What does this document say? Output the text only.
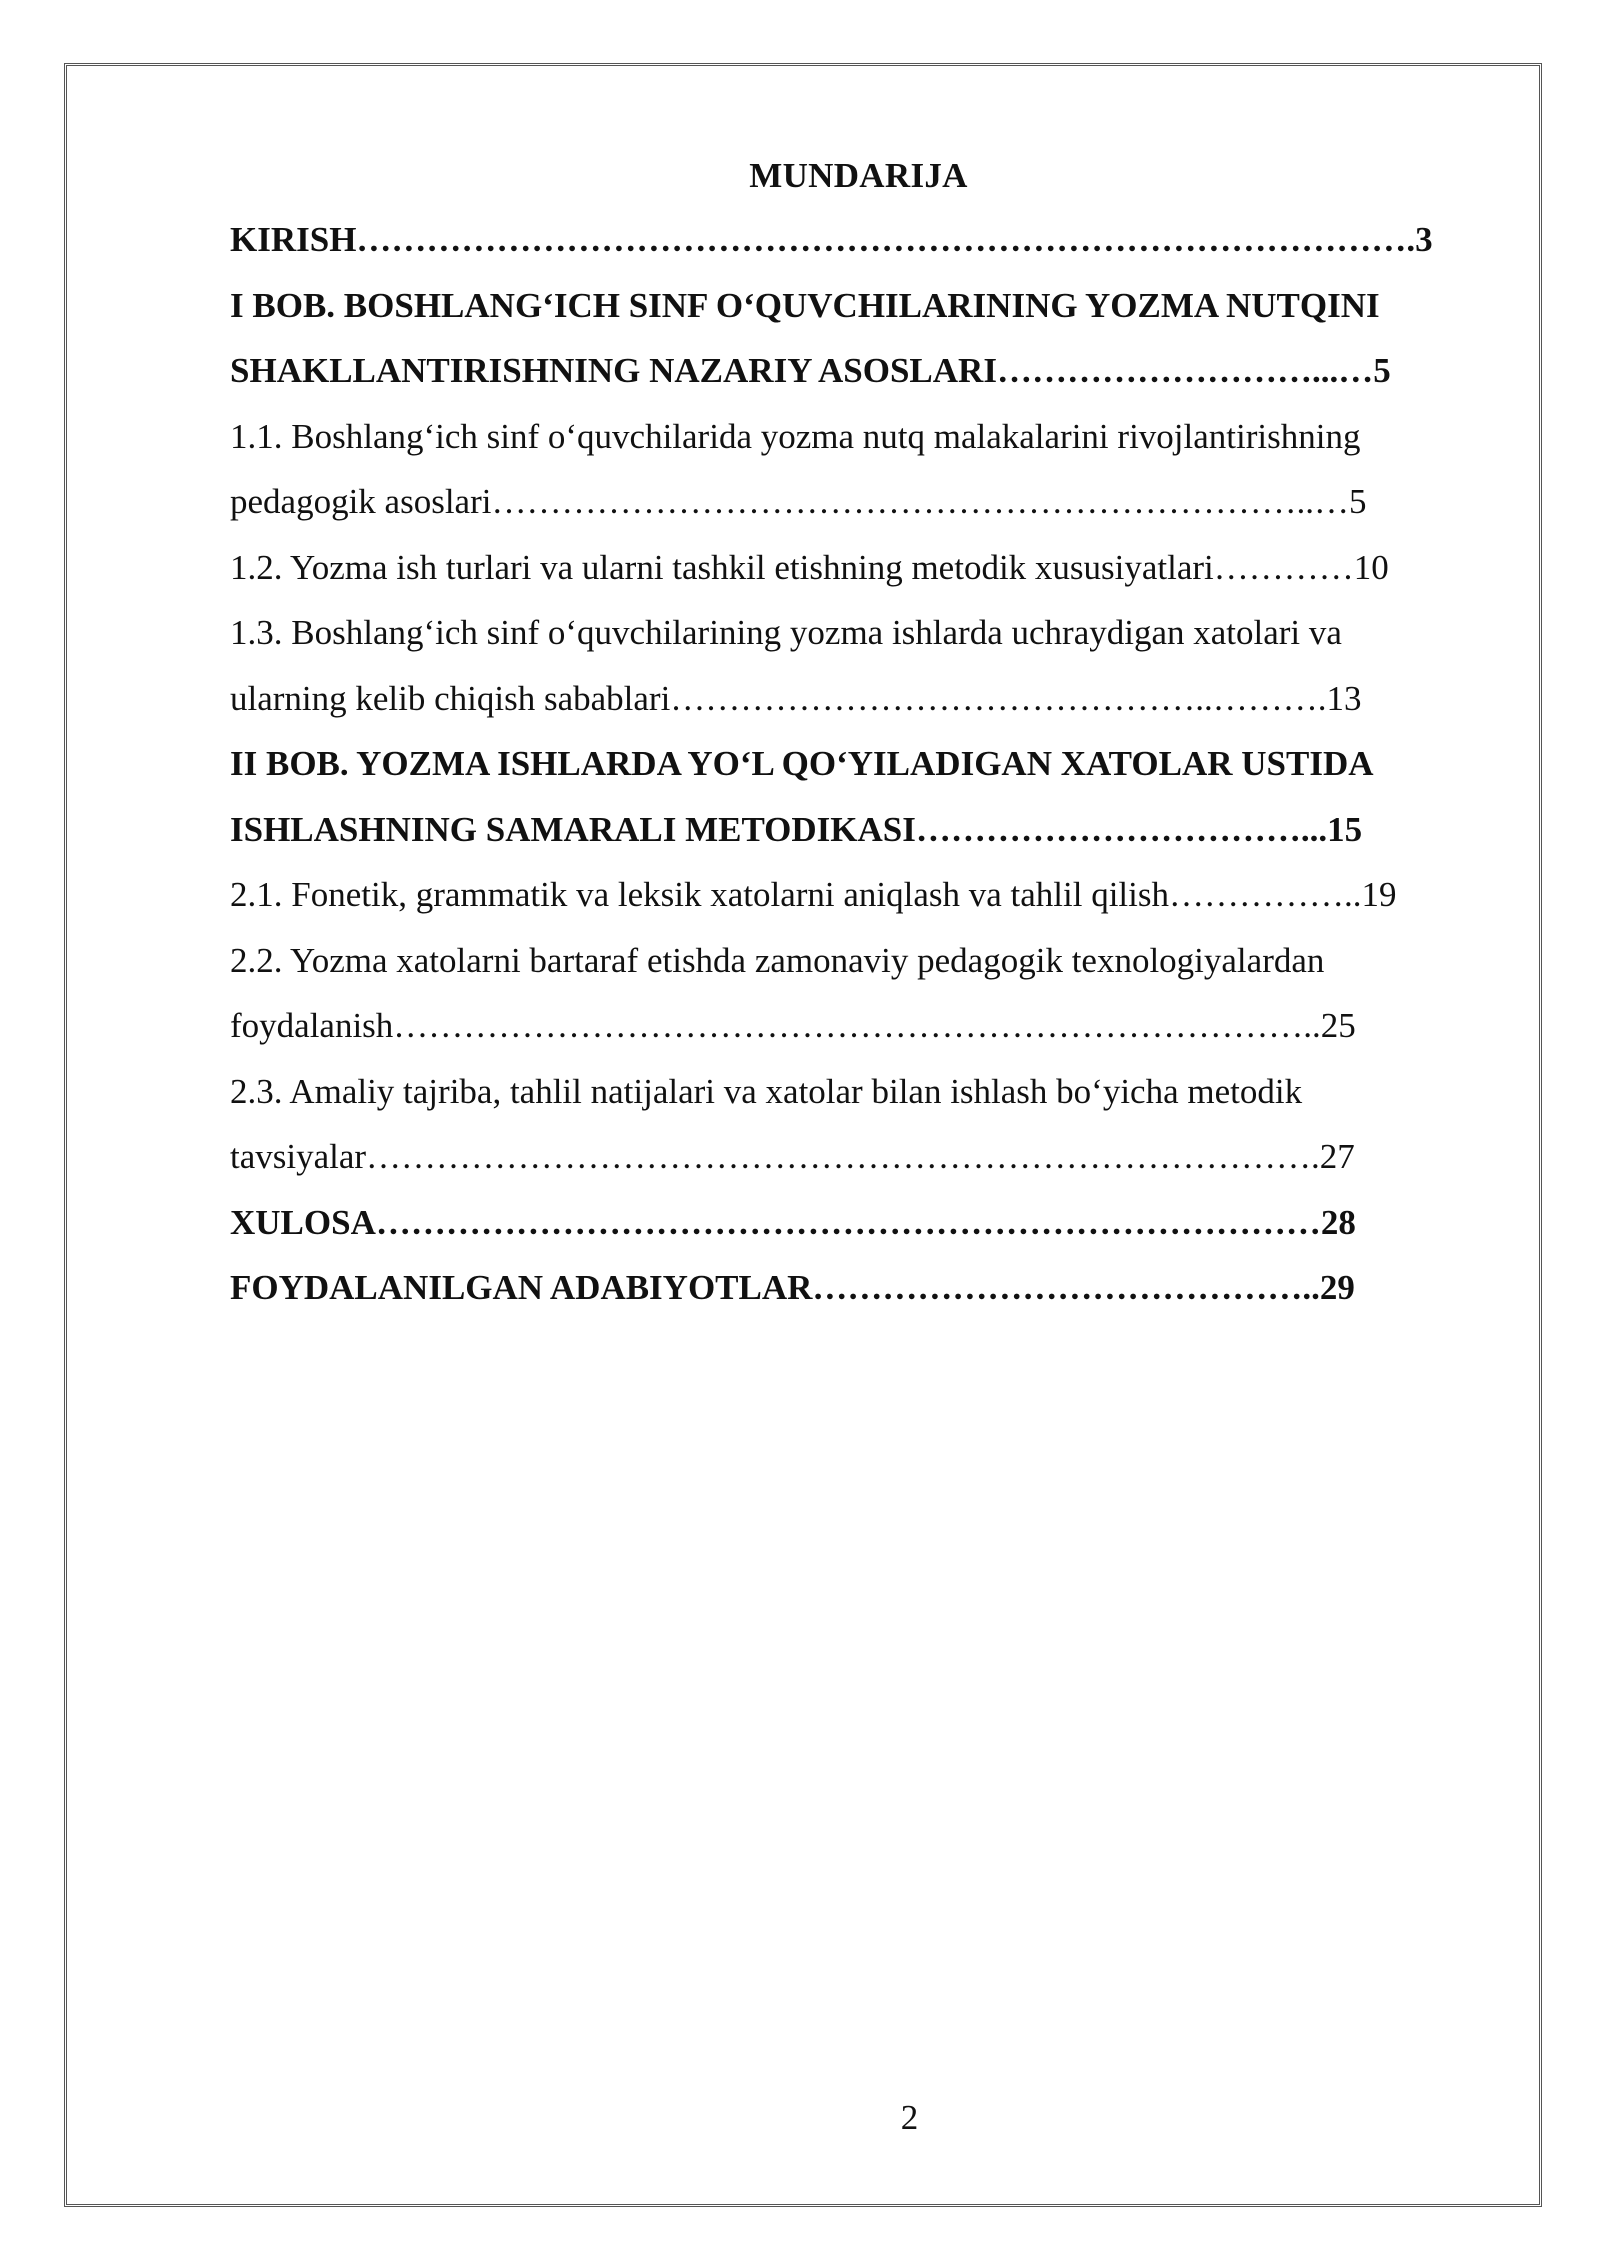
MUNDARIJA
KIRISH……………………………………………………………………………….3
I BOB. BOSHLANG‘ICH SINF O‘QUVCHILARINING YOZMA NUTQINI
SHAKLLANTIRISHNING NAZARIY ASOSLARI………………………...…5
1.1. Boshlang‘ich sinf o‘quvchilarida yozma nutq malakalarini rivojlantirishning
pedagogik asoslari……………………………………………………………..…5
1.2. Yozma ish turlari va ularni tashkil etishning metodik xususiyatlari…………10
1.3. Boshlang‘ich sinf o‘quvchilarining yozma ishlarda uchraydigan xatolari va
ularning kelib chiqish sabablari………………………………………..……….13
II BOB. YOZMA ISHLARDA YO‘L QO‘YILADIGAN XATOLAR USTIDA
ISHLASHNING SAMARALI METODIKASI……………………………...15
2.1. Fonetik, grammatik va leksik xatolarni aniqlash va tahlil qilish……………..19
2.2. Yozma xatolarni bartaraf etishda zamonaviy pedagogik texnologiyalardan
foydalanish……………………………………………………………………..25
2.3. Amaliy tajriba, tahlil natijalari va xatolar bilan ishlash bo‘yicha metodik
tavsiyalar……………………………………………………………………….27
XULOSA………………………………………………………………………28
FOYDALANILGAN ADABIYOTLAR……………………………………..29
2
